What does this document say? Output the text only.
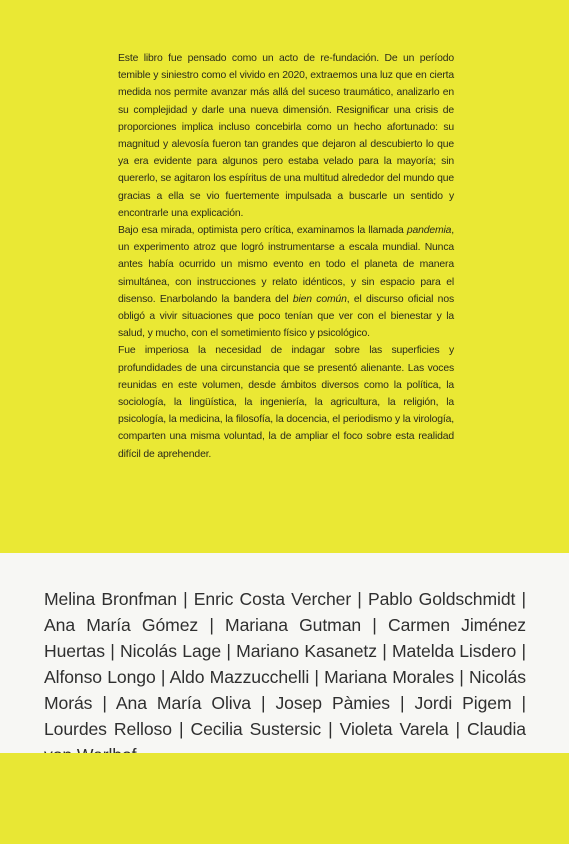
Este libro fue pensado como un acto de re-fundación. De un período temible y siniestro como el vivido en 2020, extraemos una luz que en cierta medida nos permite avanzar más allá del suceso traumático, analizarlo en su complejidad y darle una nueva dimensión. Resignificar una crisis de proporciones implica incluso concebirla como un hecho afortunado: su magnitud y alevosía fueron tan grandes que dejaron al descubierto lo que ya era evidente para algunos pero estaba velado para la mayoría; sin quererlo, se agitaron los espíritus de una multitud alrededor del mundo que gracias a ella se vio fuertemente impulsada a buscarle un sentido y encontrarle una explicación.

Bajo esa mirada, optimista pero crítica, examinamos la llamada pandemia, un experimento atroz que logró instrumentarse a escala mundial. Nunca antes había ocurrido un mismo evento en todo el planeta de manera simultánea, con instrucciones y relato idénticos, y sin espacio para el disenso. Enarbolando la bandera del bien común, el discurso oficial nos obligó a vivir situaciones que poco tenían que ver con el bienestar y la salud, y mucho, con el sometimiento físico y psicológico.

Fue imperiosa la necesidad de indagar sobre las superficies y profundidades de una circunstancia que se presentó alienante. Las voces reunidas en este volumen, desde ámbitos diversos como la política, la sociología, la lingüística, la ingeniería, la agricultura, la religión, la psicología, la medicina, la filosofía, la docencia, el periodismo y la virología, comparten una misma voluntad, la de ampliar el foco sobre esta realidad difícil de aprehender.

Melina Bronfman | Enric Costa Vercher | Pablo Goldschmidt | Ana María Gómez | Mariana Gutman | Carmen Jiménez Huertas | Nicolás Lage | Mariano Kasanetz | Matelda Lisdero | Alfonso Longo | Aldo Mazzucchelli | Mariana Morales | Nicolás Morás | Ana María Oliva | Josep Pàmies | Jordi Pigem | Lourdes Relloso | Cecilia Sustersic | Violeta Varela | Claudia
